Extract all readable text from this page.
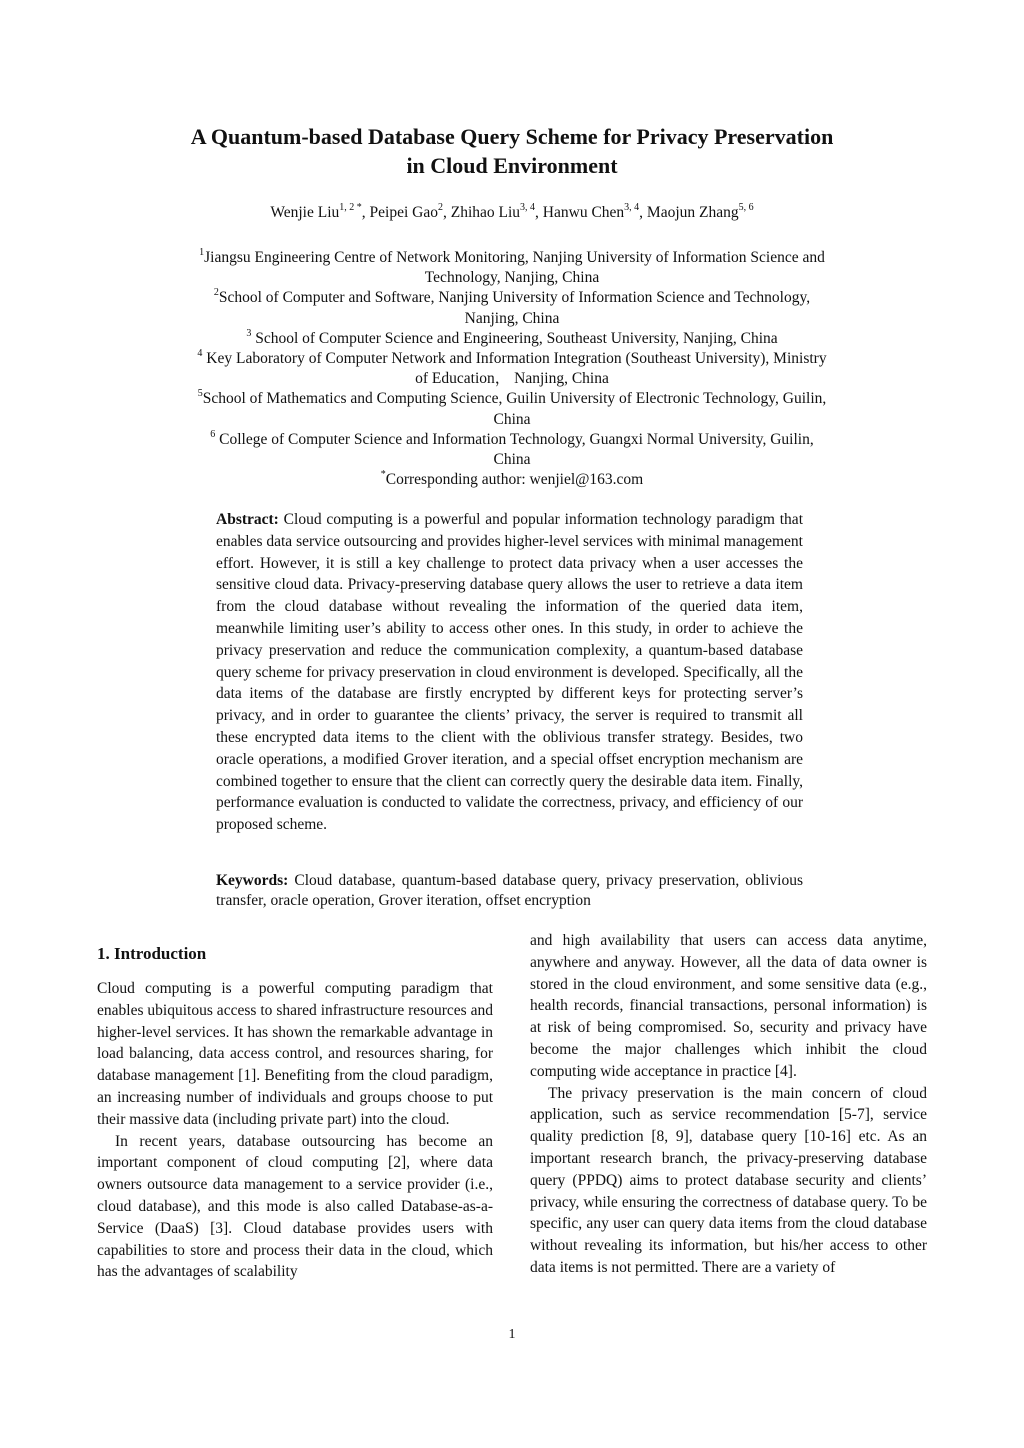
A Quantum-based Database Query Scheme for Privacy Preservation
in Cloud Environment
Wenjie Liu$^{1, 2 *}$, Peipei Gao$^2$, Zhihao Liu$^{3, 4}$, Hanwu Chen$^{3, 4}$, Maojun Zhang$^{5, 6}$
$^1$Jiangsu Engineering Centre of Network Monitoring, Nanjing University of Information Science and
Technology, Nanjing, China
$^2$School of Computer and Software, Nanjing University of Information Science and Technology,
Nanjing, China
$^3$ School of Computer Science and Engineering, Southeast University, Nanjing, China
$^4$ Key Laboratory of Computer Network and Information Integration (Southeast University), Ministry
of Education， Nanjing, China
$^5$School of Mathematics and Computing Science, Guilin University of Electronic Technology, Guilin,
China
$^6$ College of Computer Science and Information Technology, Guangxi Normal University, Guilin,
China
*Corresponding author: wenjiel@163.com
Abstract: Cloud computing is a powerful and popular information technology paradigm that enables data service outsourcing and provides higher-level services with minimal management effort. However, it is still a key challenge to protect data privacy when a user accesses the sensitive cloud data. Privacy-preserving database query allows the user to retrieve a data item from the cloud database without revealing the information of the queried data item, meanwhile limiting user’s ability to access other ones. In this study, in order to achieve the privacy preservation and reduce the communication complexity, a quantum-based database query scheme for privacy preservation in cloud environment is developed. Specifically, all the data items of the database are firstly encrypted by different keys for protecting server’s privacy, and in order to guarantee the clients’ privacy, the server is required to transmit all these encrypted data items to the client with the oblivious transfer strategy. Besides, two oracle operations, a modified Grover iteration, and a special offset encryption mechanism are combined together to ensure that the client can correctly query the desirable data item. Finally, performance evaluation is conducted to validate the correctness, privacy, and efficiency of our proposed scheme.
Keywords: Cloud database, quantum-based database query, privacy preservation, oblivious transfer, oracle operation, Grover iteration, offset encryption
1. Introduction

Cloud computing is a powerful computing paradigm that enables ubiquitous access to shared infrastructure resources and higher-level services. It has shown the remarkable advantage in load balancing, data access control, and resources sharing, for database management [1]. Benefiting from the cloud paradigm, an increasing number of individuals and groups choose to put their massive data (including private part) into the cloud.

In recent years, database outsourcing has become an important component of cloud computing [2], where data owners outsource data management to a service provider (i.e., cloud database), and this mode is also called Database-as-a-Service (DaaS) [3]. Cloud database provides users with capabilities to store and process their data in the cloud, which has the advantages of scalability

and high availability that users can access data anytime, anywhere and anyway. However, all the data of data owner is stored in the cloud environment, and some sensitive data (e.g., health records, financial transactions, personal information) is at risk of being compromised. So, security and privacy have become the major challenges which inhibit the cloud computing wide acceptance in practice [4].

The privacy preservation is the main concern of cloud application, such as service recommendation [5-7], service quality prediction [8, 9], database query [10-16] etc. As an important research branch, the privacy-preserving database query (PPDQ) aims to protect database security and clients’ privacy, while ensuring the correctness of database query. To be specific, any user can query data items from the cloud database without revealing its information, but his/her access to other data items is not permitted. There are a variety of

1
